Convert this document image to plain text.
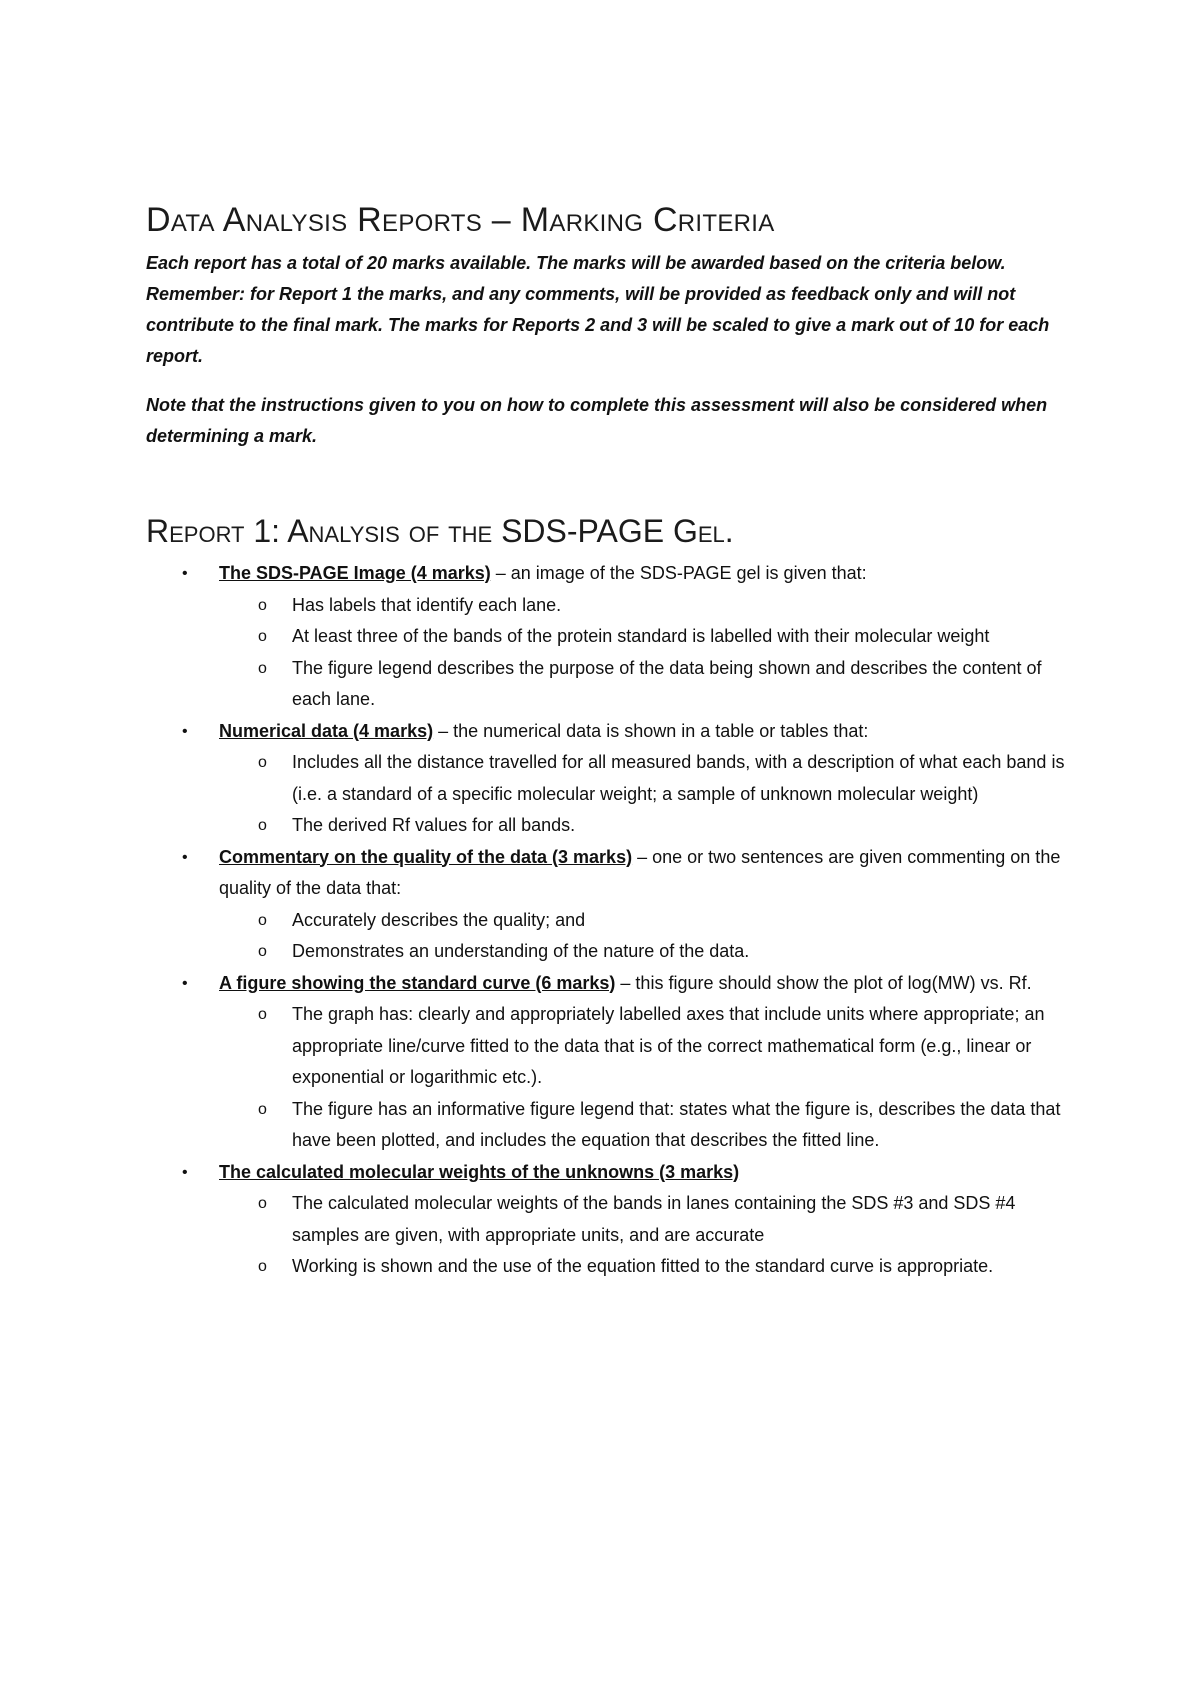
Data Analysis Reports – Marking Criteria

Each report has a total of 20 marks available. The marks will be awarded based on the criteria below. Remember: for Report 1 the marks, and any comments, will be provided as feedback only and will not contribute to the final mark. The marks for Reports 2 and 3 will be scaled to give a mark out of 10 for each report.

Note that the instructions given to you on how to complete this assessment will also be considered when determining a mark.

Report 1: Analysis of the SDS-PAGE Gel.
• The SDS-PAGE Image (4 marks) – an image of the SDS-PAGE gel is given that:
o Has labels that identify each lane.
o At least three of the bands of the protein standard is labelled with their molecular weight
o The figure legend describes the purpose of the data being shown and describes the content of each lane.
• Numerical data (4 marks) – the numerical data is shown in a table or tables that:
o Includes all the distance travelled for all measured bands, with a description of what each band is (i.e. a standard of a specific molecular weight; a sample of unknown molecular weight)
o The derived Rf values for all bands.
• Commentary on the quality of the data (3 marks) – one or two sentences are given commenting on the quality of the data that:
o Accurately describes the quality; and
o Demonstrates an understanding of the nature of the data.
• A figure showing the standard curve (6 marks) – this figure should show the plot of log(MW) vs. Rf.
o The graph has: clearly and appropriately labelled axes that include units where appropriate; an appropriate line/curve fitted to the data that is of the correct mathematical form (e.g., linear or exponential or logarithmic etc.).
o The figure has an informative figure legend that: states what the figure is, describes the data that have been plotted, and includes the equation that describes the fitted line.
• The calculated molecular weights of the unknowns (3 marks)
o The calculated molecular weights of the bands in lanes containing the SDS #3 and SDS #4 samples are given, with appropriate units, and are accurate
o Working is shown and the use of the equation fitted to the standard curve is appropriate.
